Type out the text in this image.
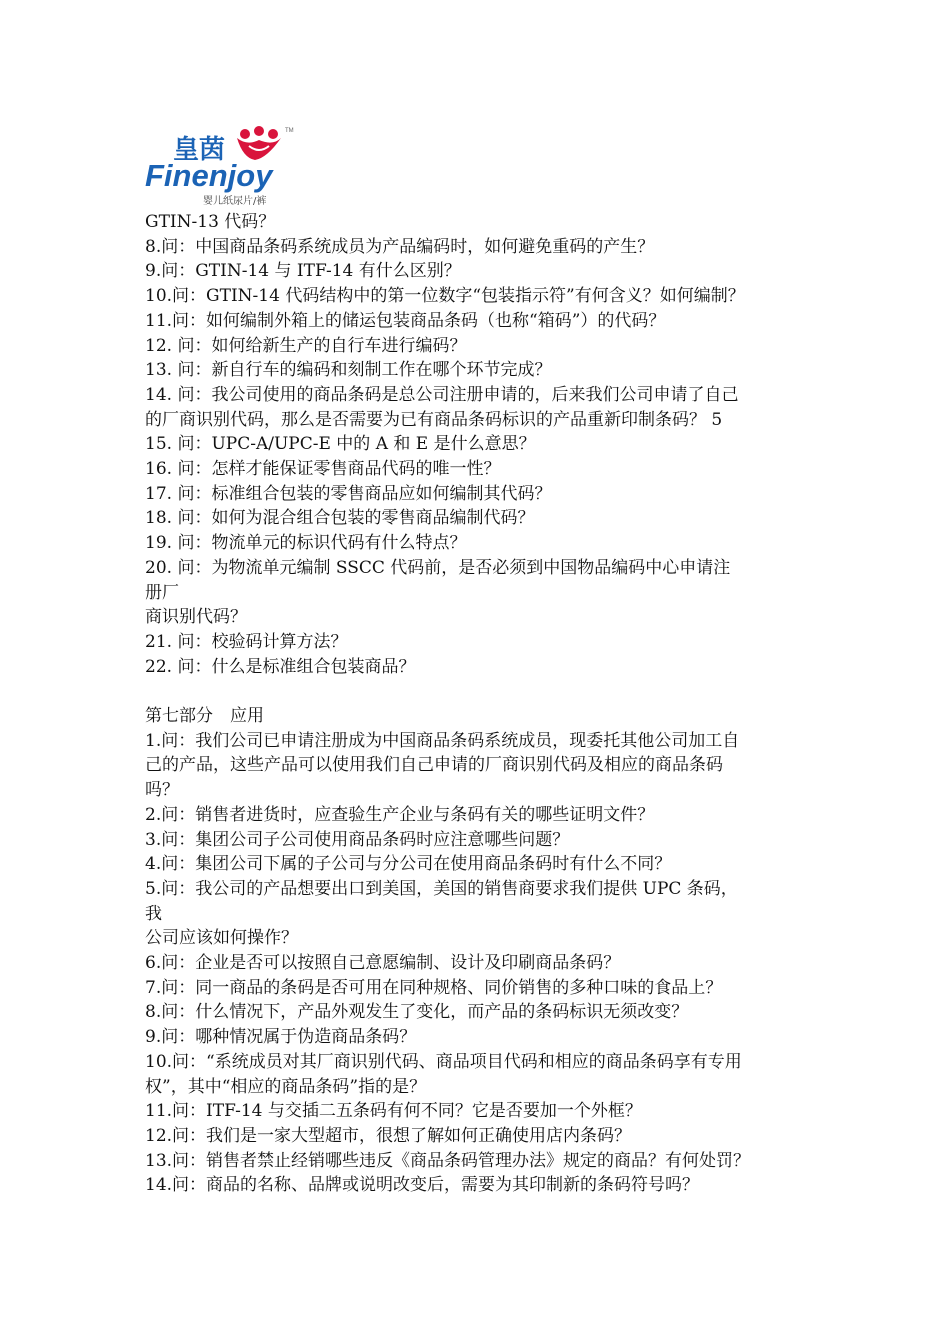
TM
皇茵
Finenjoy
婴儿纸尿片/裤
GTIN-13 代码？
8.问：中国商品条码系统成员为产品编码时，如何避免重码的产生？
9.问：GTIN-14 与 ITF-14 有什么区别？
10.问：GTIN-14 代码结构中的第一位数字“包装指示符”有何含义？如何编制？
11.问：如何编制外箱上的储运包装商品条码（也称“箱码”）的代码？
12. 问：如何给新生产的自行车进行编码？
13. 问：新自行车的编码和刻制工作在哪个环节完成？
14. 问：我公司使用的商品条码是总公司注册申请的，后来我们公司申请了自己
的厂商识别代码，那么是否需要为已有商品条码标识的产品重新印制条码？ 5
15. 问：UPC-A/UPC-E 中的 A 和 E 是什么意思？
16. 问：怎样才能保证零售商品代码的唯一性？
17. 问：标准组合包装的零售商品应如何编制其代码？
18. 问：如何为混合组合包装的零售商品编制代码？
19. 问：物流单元的标识代码有什么特点？
20. 问：为物流单元编制 SSCC 代码前，是否必须到中国物品编码中心申请注
册厂
商识别代码？
21. 问：校验码计算方法？
22. 问：什么是标准组合包装商品？
第七部分　应用
1.问：我们公司已申请注册成为中国商品条码系统成员，现委托其他公司加工自
己的产品，这些产品可以使用我们自己申请的厂商识别代码及相应的商品条码
吗？
2.问：销售者进货时，应查验生产企业与条码有关的哪些证明文件？
3.问：集团公司子公司使用商品条码时应注意哪些问题？
4.问：集团公司下属的子公司与分公司在使用商品条码时有什么不同？
5.问：我公司的产品想要出口到美国，美国的销售商要求我们提供 UPC 条码，
我
公司应该如何操作？
6.问：企业是否可以按照自己意愿编制、设计及印刷商品条码？
7.问：同一商品的条码是否可用在同种规格、同价销售的多种口味的食品上？
8.问：什么情况下，产品外观发生了变化，而产品的条码标识无须改变？
9.问：哪种情况属于伪造商品条码？
10.问：“系统成员对其厂商识别代码、商品项目代码和相应的商品条码享有专用
权”，其中“相应的商品条码”指的是？
11.问：ITF-14 与交插二五条码有何不同？它是否要加一个外框？
12.问：我们是一家大型超市，很想了解如何正确使用店内条码？
13.问：销售者禁止经销哪些违反《商品条码管理办法》规定的商品？有何处罚？
14.问：商品的名称、品牌或说明改变后，需要为其印制新的条码符号吗？
